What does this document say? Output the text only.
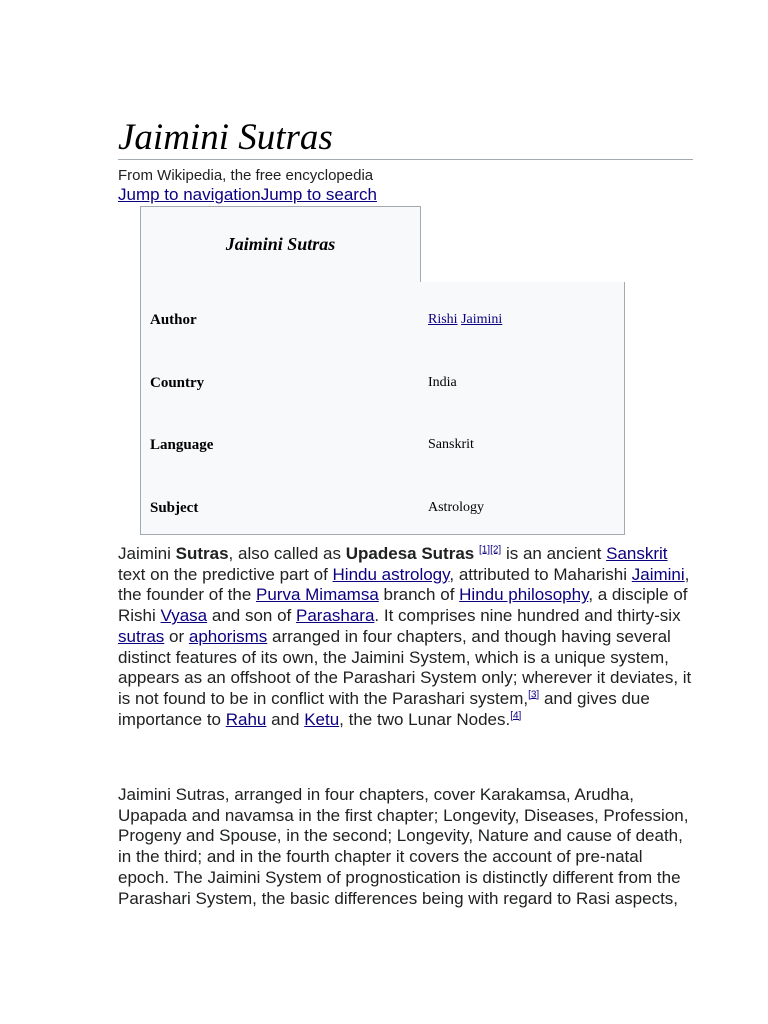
Jaimini Sutras
From Wikipedia, the free encyclopedia
Jump to navigationJump to search
Jaimini Sutras
Author	Rishi Jaimini
Country	India
Language	Sanskrit
Subject	Astrology

Jaimini Sutras, also called as Upadesa Sutras [1][2] is an ancient Sanskrit text on the predictive part of Hindu astrology, attributed to Maharishi Jaimini, the founder of the Purva Mimamsa branch of Hindu philosophy, a disciple of Rishi Vyasa and son of Parashara. It comprises nine hundred and thirty-six sutras or aphorisms arranged in four chapters, and though having several distinct features of its own, the Jaimini System, which is a unique system, appears as an offshoot of the Parashari System only; wherever it deviates, it is not found to be in conflict with the Parashari system,[3] and gives due importance to Rahu and Ketu, the two Lunar Nodes.[4]

Jaimini Sutras, arranged in four chapters, cover Karakamsa, Arudha, Upapada and navamsa in the first chapter; Longevity, Diseases, Profession, Progeny and Spouse, in the second; Longevity, Nature and cause of death, in the third; and in the fourth chapter it covers the account of pre-natal epoch. The Jaimini System of prognostication is distinctly different from the Parashari System, the basic differences being with regard to Rasi aspects,
